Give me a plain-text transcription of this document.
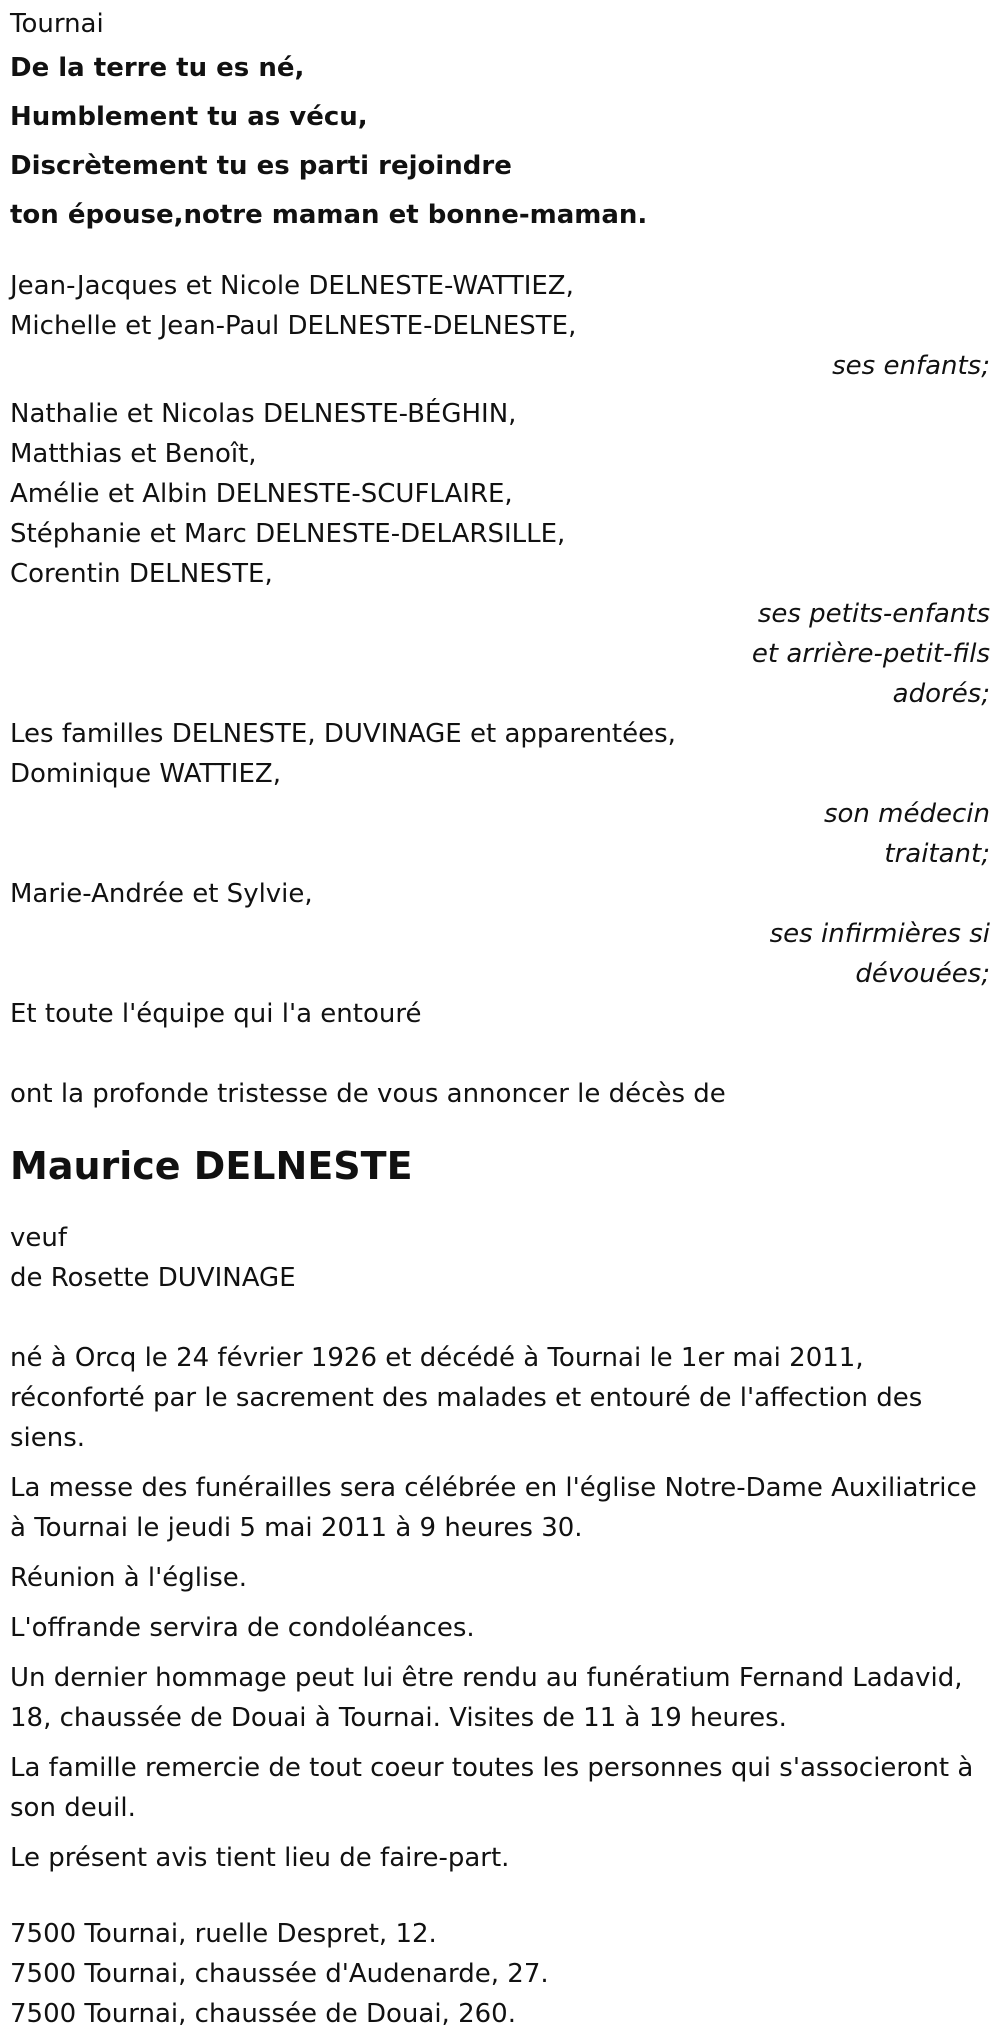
Tournai
De la terre tu es né,
Humblement tu as vécu,
Discrètement tu es parti rejoindre
ton épouse,notre maman et bonne-maman.
Jean-Jacques et Nicole DELNESTE-WATTIEZ,
Michelle et Jean-Paul DELNESTE-DELNESTE,
ses enfants;
Nathalie et Nicolas DELNESTE-BÉGHIN,
Matthias et Benoît,
Amélie et Albin DELNESTE-SCUFLAIRE,
Stéphanie et Marc DELNESTE-DELARSILLE,
Corentin DELNESTE,
ses petits-enfants
et arrière-petit-fils
adorés;
Les familles DELNESTE, DUVINAGE et apparentées,
Dominique WATTIEZ,
son médecin
traitant;
Marie-Andrée et Sylvie,
ses infirmières si
dévouées;
Et toute l'équipe qui l'a entouré
ont la profonde tristesse de vous annoncer le décès de
Maurice DELNESTE
veuf
de Rosette DUVINAGE
né à Orcq le 24 février 1926 et décédé à Tournai le 1er mai 2011, réconforté par le sacrement des malades et entouré de l'affection des siens.
La messe des funérailles sera célébrée en l'église Notre-Dame Auxiliatrice à Tournai le jeudi 5 mai 2011 à 9 heures 30.
Réunion à l'église.
L'offrande servira de condoléances.
Un dernier hommage peut lui être rendu au funératium Fernand Ladavid, 18, chaussée de Douai à Tournai. Visites de 11 à 19 heures.
La famille remercie de tout coeur toutes les personnes qui s'associeront à son deuil.
Le présent avis tient lieu de faire-part.
7500 Tournai, ruelle Despret, 12.
7500 Tournai, chaussée d'Audenarde, 27.
7500 Tournai, chaussée de Douai, 260.
